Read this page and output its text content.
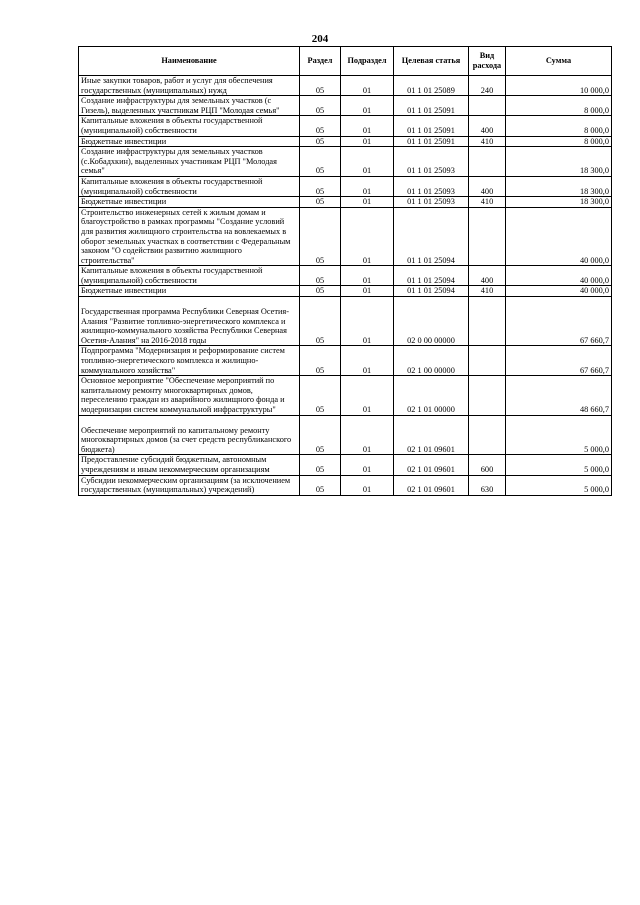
204
Наименование	Раздел	Подраздел	Целевая статья	Вид расхода	Сумма
Иные закупки товаров, работ и услуг для обеспечения государственных (муниципальных) нужд	05	01	01 1 01 25089	240	10 000,0
Создание инфраструктуры для земельных участков (с Гизель), выделенных участникам РЦП "Молодая семья"	05	01	01 1 01 25091		8 000,0
Капитальные вложения в объекты государственной (муниципальной) собственности	05	01	01 1 01 25091	400	8 000,0
Бюджетные инвестиции	05	01	01 1 01 25091	410	8 000,0
Создание инфраструктуры для земельных участков (с.Кобадхкин), выделенных участникам РЦП "Молодая семья"	05	01	01 1 01 25093		18 300,0
Капитальные вложения в объекты государственной (муниципальной) собственности	05	01	01 1 01 25093	400	18 300,0
Бюджетные инвестиции	05	01	01 1 01 25093	410	18 300,0
Строительство инженерных сетей к жилым домам и благоустройство в рамках программы "Создание условий для развития жилищного строительства на вовлекаемых в оборот земельных участках в соответствии с Федеральным законом "О содействии развитию жилищного строительства"	05	01	01 1 01 25094		40 000,0
Капитальные вложения в объекты государственной (муниципальной) собственности	05	01	01 1 01 25094	400	40 000,0
Бюджетные инвестиции	05	01	01 1 01 25094	410	40 000,0
Государственная программа Республики Северная Осетия-Алания "Развитие топливно-энергетического комплекса и жилищно-коммунального хозяйства Республики Северная Осетия-Алания" на 2016-2018 годы	05	01	02 0 00 00000		67 660,7
Подпрограмма "Модернизация и реформирование систем топливно-энергетического комплекса и жилищно-коммунального хозяйства"	05	01	02 1 00 00000		67 660,7
Основное мероприятие "Обеспечение мероприятий по капитальному ремонту многоквартирных домов, переселению граждан из аварийного жилищного фонда и модернизации систем коммунальной инфраструктуры"	05	01	02 1 01 00000		48 660,7
Обеспечение мероприятий по капитальному ремонту многоквартирных домов (за счет средств республиканского бюджета)	05	01	02 1 01 09601		5 000,0
Предоставление субсидий бюджетным, автономным учреждениям и иным некоммерческим организациям	05	01	02 1 01 09601	600	5 000,0
Субсидии некоммерческим организациям (за исключением государственных (муниципальных) учреждений)	05	01	02 1 01 09601	630	5 000,0
